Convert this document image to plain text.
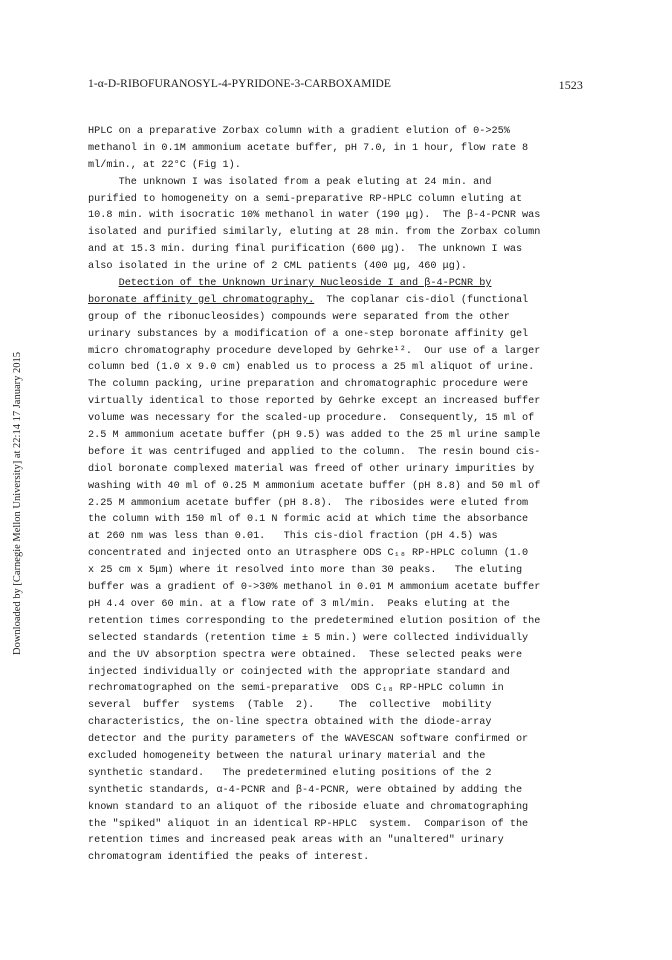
1-α-D-RIBOFURANOSYL-4-PYRIDONE-3-CARBOXAMIDE	1523
Downloaded by [Carnegie Mellon University] at 22:14 17 January 2015
HPLC on a preparative Zorbax column with a gradient elution of 0->25%
methanol in 0.1M ammonium acetate buffer, pH 7.0, in 1 hour, flow rate 8
ml/min., at 22°C (Fig 1).
The unknown I was isolated from a peak eluting at 24 min. and
purified to homogeneity on a semi-preparative RP-HPLC column eluting at
10.8 min. with isocratic 10% methanol in water (190 μg).  The β-4-PCNR was
isolated and purified similarly, eluting at 28 min. from the Zorbax column
and at 15.3 min. during final purification (600 μg).  The unknown I was
also isolated in the urine of 2 CML patients (400 μg, 460 μg).
Detection of the Unknown Urinary Nucleoside I and β-4-PCNR by
boronate affinity gel chromatography.  The coplanar cis-diol (functional
group of the ribonucleosides) compounds were separated from the other
urinary substances by a modification of a one-step boronate affinity gel
micro chromatography procedure developed by Gehrke¹².  Our use of a larger
column bed (1.0 x 9.0 cm) enabled us to process a 25 ml aliquot of urine.
The column packing, urine preparation and chromatographic procedure were
virtually identical to those reported by Gehrke except an increased buffer
volume was necessary for the scaled-up procedure.  Consequently, 15 ml of
2.5 M ammonium acetate buffer (pH 9.5) was added to the 25 ml urine sample
before it was centrifuged and applied to the column.  The resin bound cis-
diol boronate complexed material was freed of other urinary impurities by
washing with 40 ml of 0.25 M ammonium acetate buffer (pH 8.8) and 50 ml of
2.25 M ammonium acetate buffer (pH 8.8).  The ribosides were eluted from
the column with 150 ml of 0.1 N formic acid at which time the absorbance
at 260 nm was less than 0.01.   This cis-diol fraction (pH 4.5) was
concentrated and injected onto an Utrasphere ODS C₁₈ RP-HPLC column (1.0
x 25 cm x 5μm) where it resolved into more than 30 peaks.   The eluting
buffer was a gradient of 0->30% methanol in 0.01 M ammonium acetate buffer
pH 4.4 over 60 min. at a flow rate of 3 ml/min.  Peaks eluting at the
retention times corresponding to the predetermined elution position of the
selected standards (retention time ± 5 min.) were collected individually
and the UV absorption spectra were obtained.  These selected peaks were
injected individually or coinjected with the appropriate standard and
rechromatographed on the semi-preparative  ODS C₁₈ RP-HPLC column in
several  buffer  systems  (Table  2).    The  collective  mobility
characteristics, the on-line spectra obtained with the diode-array
detector and the purity parameters of the WAVESCAN software confirmed or
excluded homogeneity between the natural urinary material and the
synthetic standard.   The predetermined eluting positions of the 2
synthetic standards, α-4-PCNR and β-4-PCNR, were obtained by adding the
known standard to an aliquot of the riboside eluate and chromatographing
the "spiked" aliquot in an identical RP-HPLC  system.  Comparison of the
retention times and increased peak areas with an "unaltered" urinary
chromatogram identified the peaks of interest.
